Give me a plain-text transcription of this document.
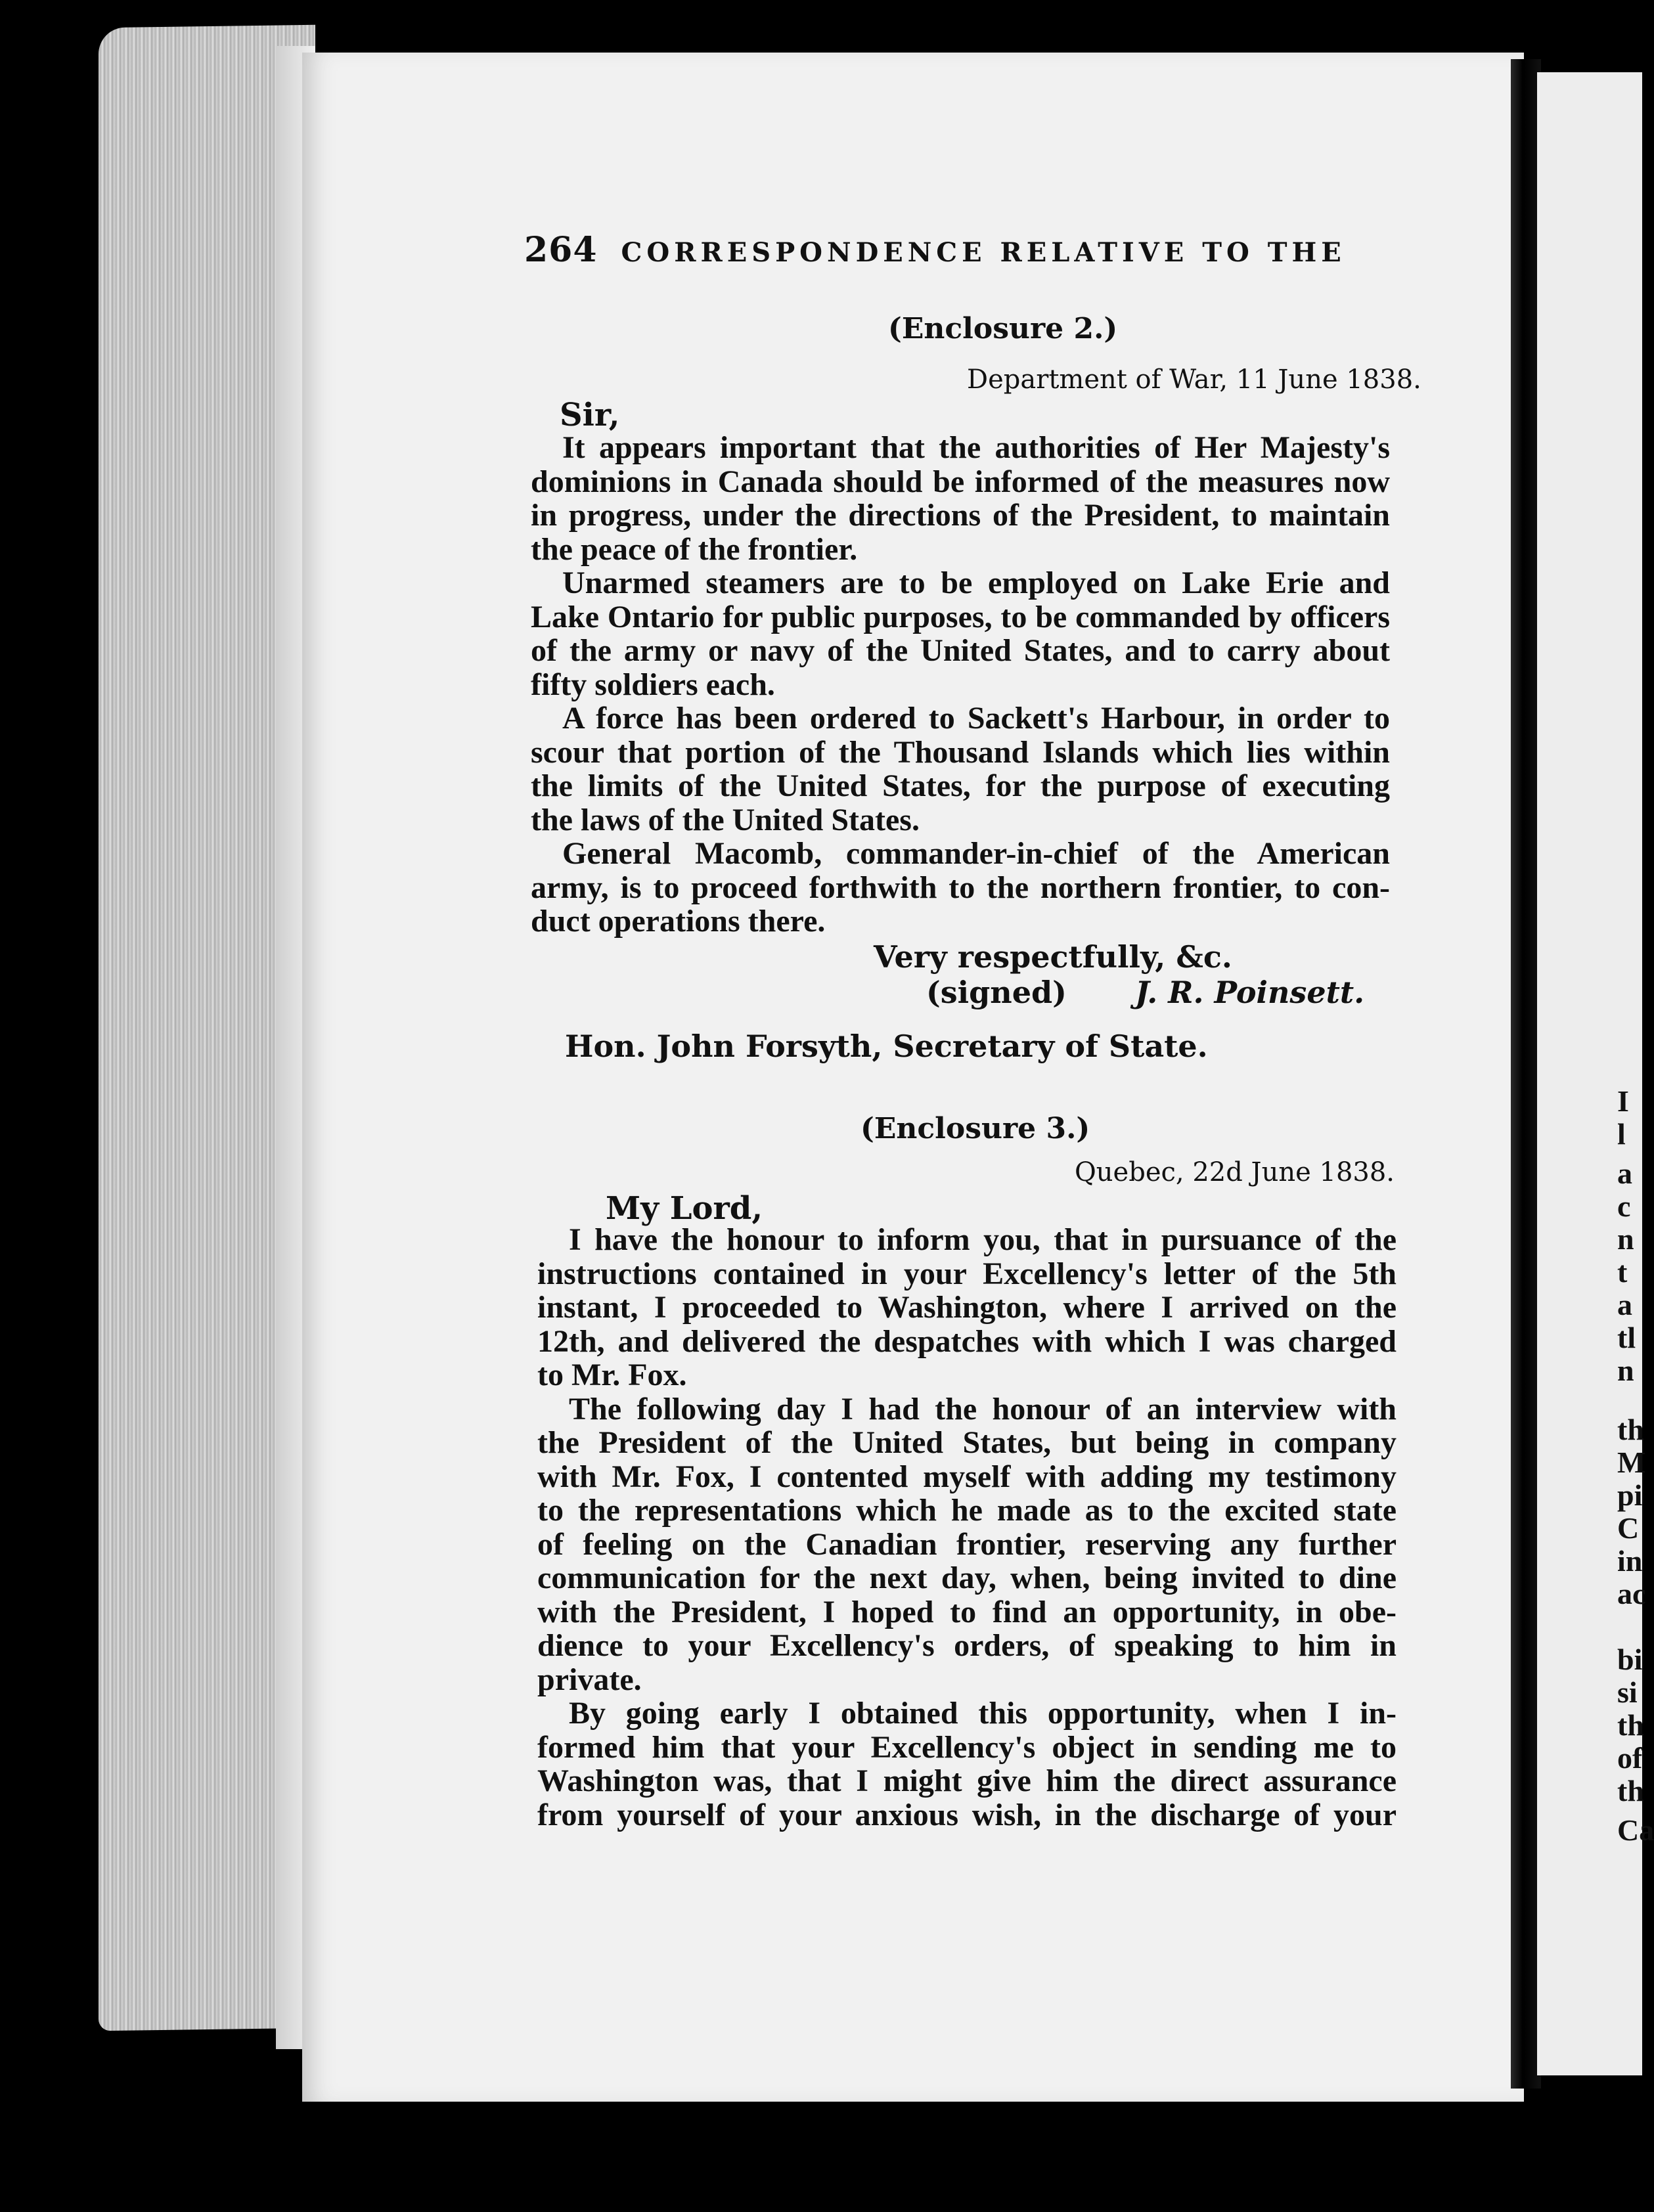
264 CORRESPONDENCE RELATIVE TO THE
(Enclosure 2.)
Department of War, 11 June 1838.
Sir,
It appears important that the authorities of Her Majesty's
dominions in Canada should be informed of the measures now
in progress, under the directions of the President, to maintain
the peace of the frontier.
Unarmed steamers are to be employed on Lake Erie and
Lake Ontario for public purposes, to be commanded by officers
of the army or navy of the United States, and to carry about
fifty soldiers each.
A force has been ordered to Sackett's Harbour, in order to
scour that portion of the Thousand Islands which lies within
the limits of the United States, for the purpose of executing
the laws of the United States.
General Macomb, commander-in-chief of the American
army, is to proceed forthwith to the northern frontier, to con-
duct operations there.
Very respectfully, &c.
(signed) J. R. Poinsett.
Hon. John Forsyth, Secretary of State.
(Enclosure 3.)
Quebec, 22d June 1838.
My Lord,
I have the honour to inform you, that in pursuance of the
instructions contained in your Excellency's letter of the 5th
instant, I proceeded to Washington, where I arrived on the
12th, and delivered the despatches with which I was charged
to Mr. Fox.
The following day I had the honour of an interview with
the President of the United States, but being in company
with Mr. Fox, I contented myself with adding my testimony
to the representations which he made as to the excited state
of feeling on the Canadian frontier, reserving any further
communication for the next day, when, being invited to dine
with the President, I hoped to find an opportunity, in obe-
dience to your Excellency's orders, of speaking to him in
private.
By going early I obtained this opportunity, when I in-
formed him that your Excellency's object in sending me to
Washington was, that I might give him the direct assurance
from yourself of your anxious wish, in the discharge of your
I
l
a
c
n
t
a
tl
n
th
M
pi
C
in
ac
bi
si
th
of
th
Ca
